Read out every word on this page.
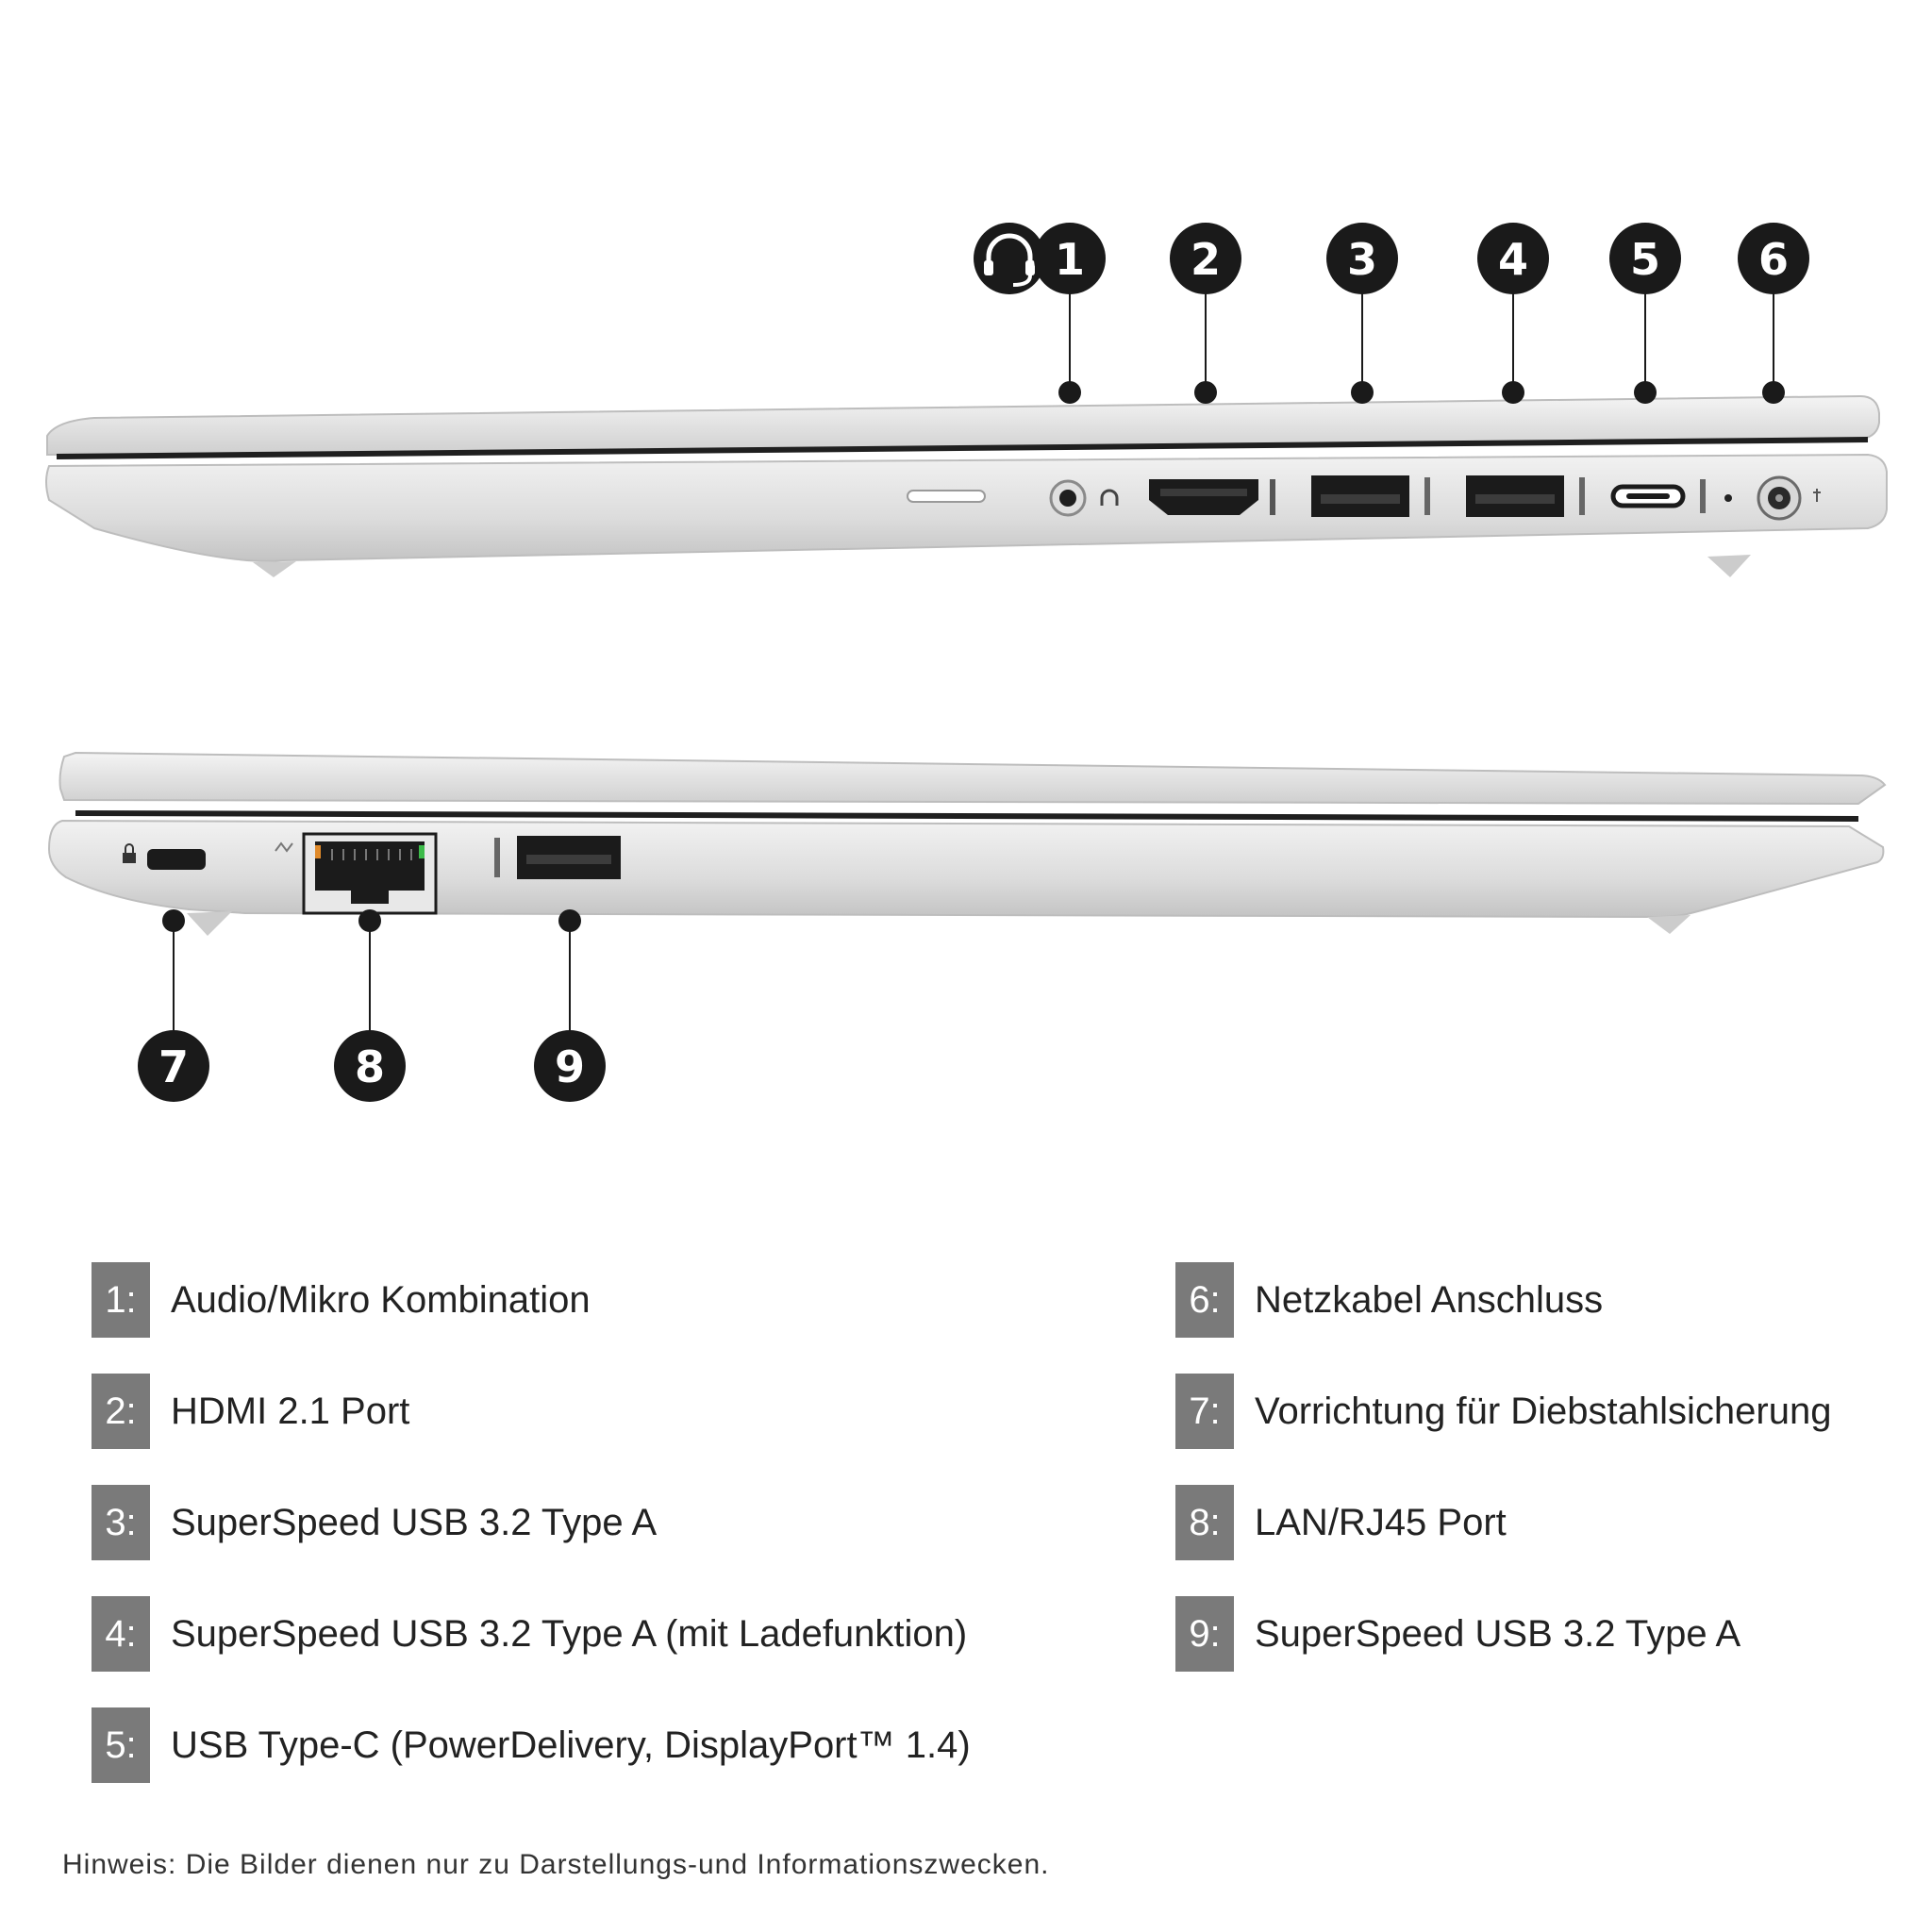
1 2	3	4 5 6
7	8	9
1: Audio/Mikro Kombination
2: HDMI 2.1 Port
3: SuperSpeed USB 3.2 Type A
4: SuperSpeed USB 3.2 Type A (mit Ladefunktion)
5: USB Type-C (PowerDelivery, DisplayPort™ 1.4)
6: Netzkabel Anschluss
7: Vorrichtung für Diebstahlsicherung
8: LAN/RJ45 Port
9: SuperSpeed USB 3.2 Type A
Hinweis: Die Bilder dienen nur zu Darstellungs-und Informationszwecken.
